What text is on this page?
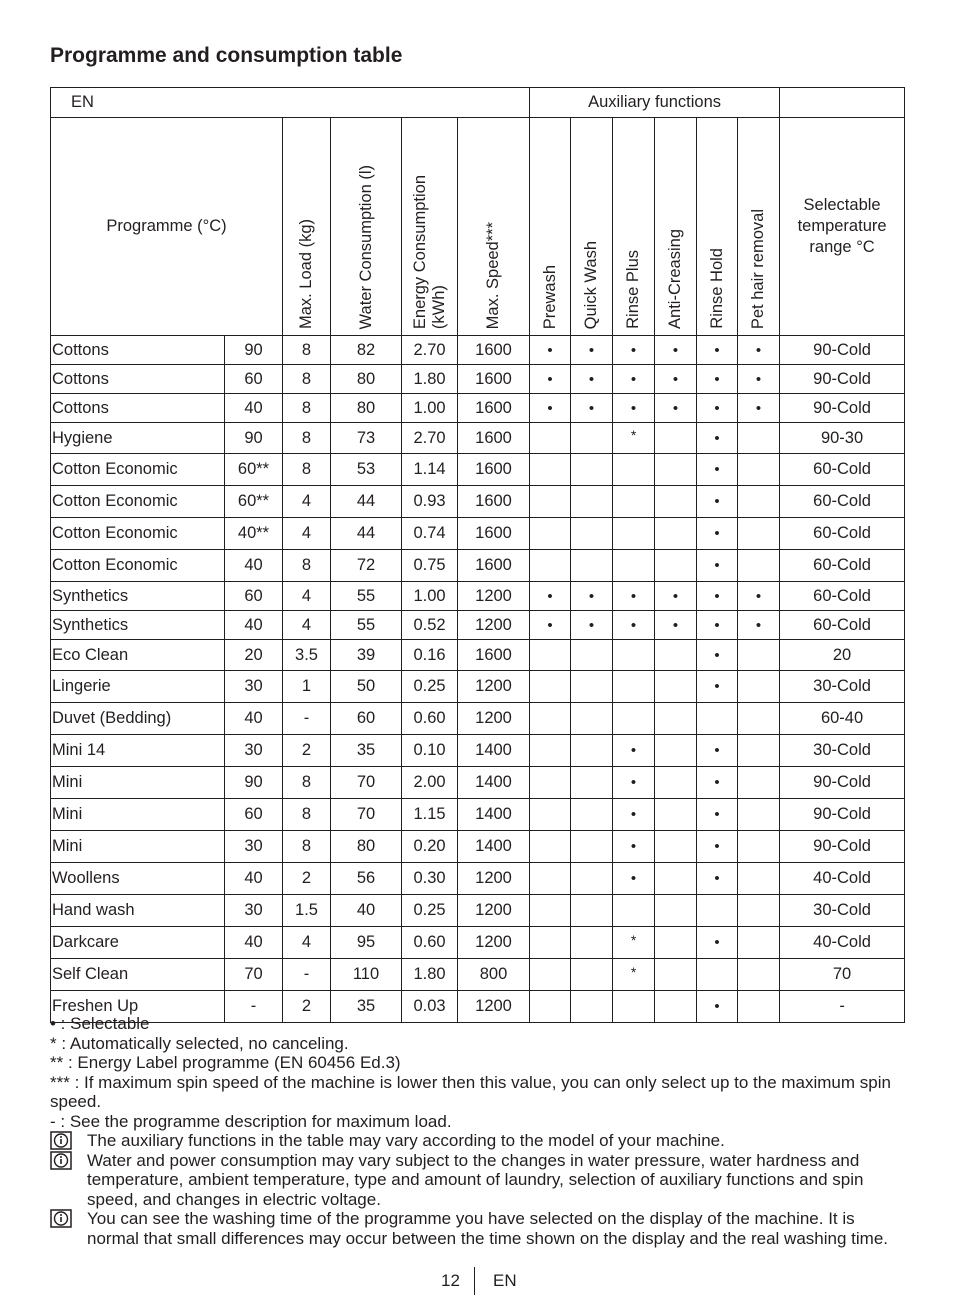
Programme and consumption table
EN						Auxiliary functions						
Programme (°C)		Max. Load (kg)	Water Consumption (l)	Energy Consumption
(kWh)	Max. Speed***	Prewash	Quick Wash	Rinse Plus	Anti-Creasing	Rinse Hold	Pet hair removal	Selectable temperature range °C
Cottons	90	8	82	2.70	1600	•	•	•	•	•	•	90-Cold
Cottons	60	8	80	1.80	1600	•	•	•	•	•	•	90-Cold
Cottons	40	8	80	1.00	1600	•	•	•	•	•	•	90-Cold
Hygiene	90	8	73	2.70	1600			*		•		90-30
Cotton Economic	60**	8	53	1.14	1600					•		60-Cold
Cotton Economic	60**	4	44	0.93	1600					•		60-Cold
Cotton Economic	40**	4	44	0.74	1600					•		60-Cold
Cotton Economic	40	8	72	0.75	1600					•		60-Cold
Synthetics	60	4	55	1.00	1200	•	•	•	•	•	•	60-Cold
Synthetics	40	4	55	0.52	1200	•	•	•	•	•	•	60-Cold
Eco Clean	20	3.5	39	0.16	1600					•		20
Lingerie	30	1	50	0.25	1200					•		30-Cold
Duvet (Bedding)	40	-	60	0.60	1200							60-40
Mini 14	30	2	35	0.10	1400			•		•		30-Cold
Mini	90	8	70	2.00	1400			•		•		90-Cold
Mini	60	8	70	1.15	1400			•		•		90-Cold
Mini	30	8	80	0.20	1400			•		•		90-Cold
Woollens	40	2	56	0.30	1200			•		•		40-Cold
Hand wash	30	1.5	40	0.25	1200							30-Cold
Darkcare	40	4	95	0.60	1200			*		•		40-Cold
Self Clean	70	-	110	1.80	800			*				70
Freshen Up	-	2	35	0.03	1200					•		-

• : Selectable

* : Automatically selected, no canceling.

** : Energy Label programme (EN 60456 Ed.3)

*** : If maximum spin speed of the machine is lower then this value, you can only select up to the maximum spin speed.

- : See the programme description for maximum load.

The auxiliary functions in the table may vary according to the model of your machine.
Water and power consumption may vary subject to the changes in water pressure, water hardness and temperature, ambient temperature, type and amount of laundry, selection of auxiliary functions and spin speed, and changes in electric voltage.
You can see the washing time of the programme you have selected on the display of the machine. It is normal that small differences may occur between the time shown on the display and the real washing time.
12 EN
